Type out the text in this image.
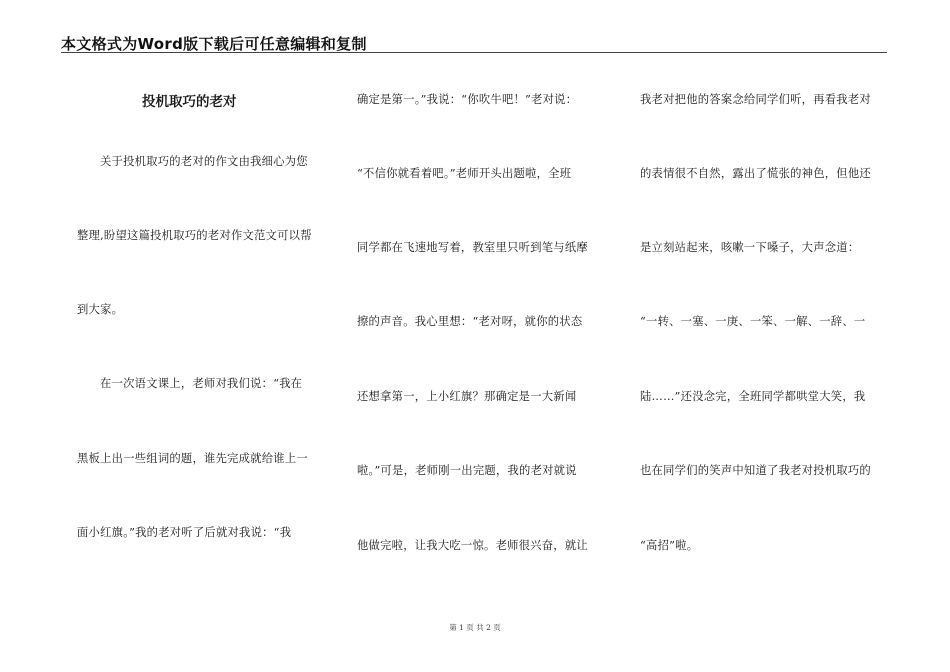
本文格式为Word版下载后可任意编辑和复制
投机取巧的老对
关于投机取巧的老对的作文由我细心为您
整理,盼望这篇投机取巧的老对作文范文可以帮
到大家。
在一次语文课上，老师对我们说：“我在
黑板上出一些组词的题，谁先完成就给谁上一
面小红旗。”我的老对听了后就对我说：“我
确定是第一。”我说：“你吹牛吧！”老对说：
“不信你就看着吧。”老师开头出题啦，全班
同学都在飞速地写着，教室里只听到笔与纸摩
擦的声音。我心里想：“老对呀，就你的状态
还想拿第一，上小红旗？那确定是一大新闻
啦。”可是，老师刚一出完题，我的老对就说
他做完啦，让我大吃一惊。老师很兴奋，就让
我老对把他的答案念给同学们听，再看我老对
的表情很不自然，露出了慌张的神色，但他还
是立刻站起来，咳嗽一下嗓子，大声念道：
“一转、一塞、一庚、一笨、一解、一辞、一
陆……”还没念完，全班同学都哄堂大笑，我
也在同学们的笑声中知道了我老对投机取巧的
“高招”啦。
第 1 页 共 2 页
